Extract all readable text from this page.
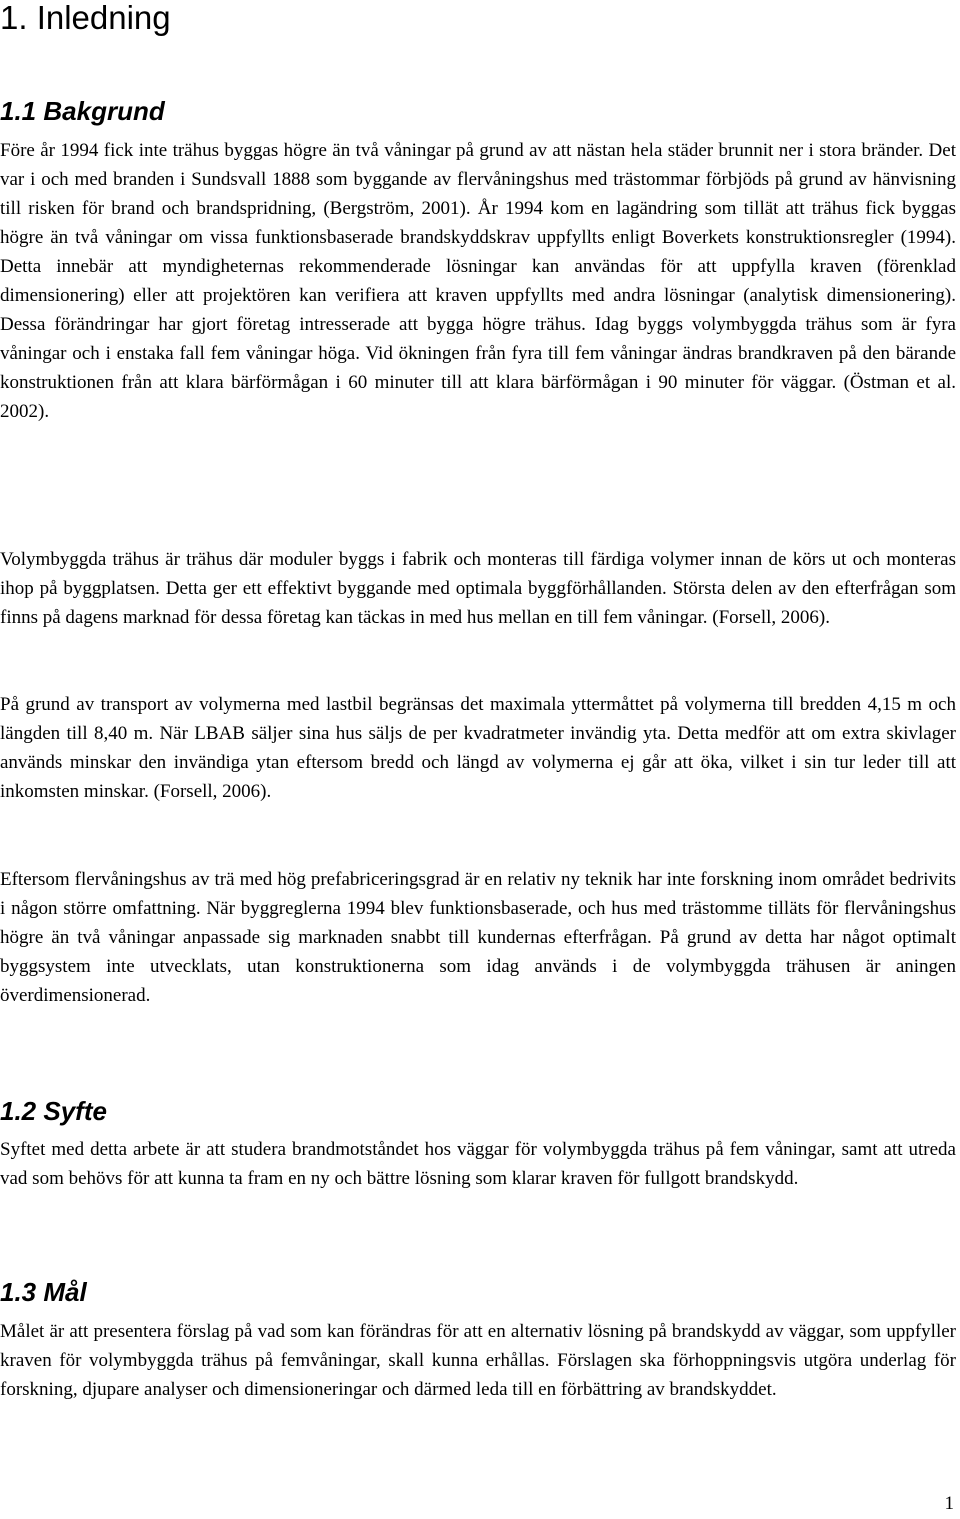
1. Inledning
1.1 Bakgrund

Före år 1994 fick inte trähus byggas högre än två våningar på grund av att nästan hela städer brunnit ner i stora bränder. Det var i och med branden i Sundsvall 1888 som byggande av flervåningshus med trästommar förbjöds på grund av hänvisning till risken för brand och brandspridning, (Bergström, 2001). År 1994 kom en lagändring som tillät att trähus fick byggas högre än två våningar om vissa funktionsbaserade brandskyddskrav uppfyllts enligt Boverkets konstruktionsregler (1994). Detta innebär att myndigheternas rekommenderade lösningar kan användas för att uppfylla kraven (förenklad dimensionering) eller att projektören kan verifiera att kraven uppfyllts med andra lösningar (analytisk dimensionering). Dessa förändringar har gjort företag intresserade att bygga högre trähus. Idag byggs volymbyggda trähus som är fyra våningar och i enstaka fall fem våningar höga. Vid ökningen från fyra till fem våningar ändras brandkraven på den bärande konstruktionen från att klara bärförmågan i 60 minuter till att klara bärförmågan i 90 minuter för väggar. (Östman et al. 2002).

Volymbyggda trähus är trähus där moduler byggs i fabrik och monteras till färdiga volymer innan de körs ut och monteras ihop på byggplatsen. Detta ger ett effektivt byggande med optimala byggförhållanden. Största delen av den efterfrågan som finns på dagens marknad för dessa företag kan täckas in med hus mellan en till fem våningar. (Forsell, 2006).

På grund av transport av volymerna med lastbil begränsas det maximala yttermåttet på volymerna till bredden 4,15 m och längden till 8,40 m. När LBAB säljer sina hus säljs de per kvadratmeter invändig yta. Detta medför att om extra skivlager används minskar den invändiga ytan eftersom bredd och längd av volymerna ej går att öka, vilket i sin tur leder till att inkomsten minskar. (Forsell, 2006).

Eftersom flervåningshus av trä med hög prefabriceringsgrad är en relativ ny teknik har inte forskning inom området bedrivits i någon större omfattning. När byggreglerna 1994 blev funktionsbaserade, och hus med trästomme tilläts för flervåningshus högre än två våningar anpassade sig marknaden snabbt till kundernas efterfrågan. På grund av detta har något optimalt byggsystem inte utvecklats, utan konstruktionerna som idag används i de volymbyggda trähusen är aningen överdimensionerad.

1.2 Syfte

Syftet med detta arbete är att studera brandmotståndet hos väggar för volymbyggda trähus på fem våningar, samt att utreda vad som behövs för att kunna ta fram en ny och bättre lösning som klarar kraven för fullgott brandskydd.

1.3 Mål

Målet är att presentera förslag på vad som kan förändras för att en alternativ lösning på brandskydd av väggar, som uppfyller kraven för volymbyggda trähus på femvåningar, skall kunna erhållas. Förslagen ska förhoppningsvis utgöra underlag för forskning, djupare analyser och dimensioneringar och därmed leda till en förbättring av brandskyddet.

1
